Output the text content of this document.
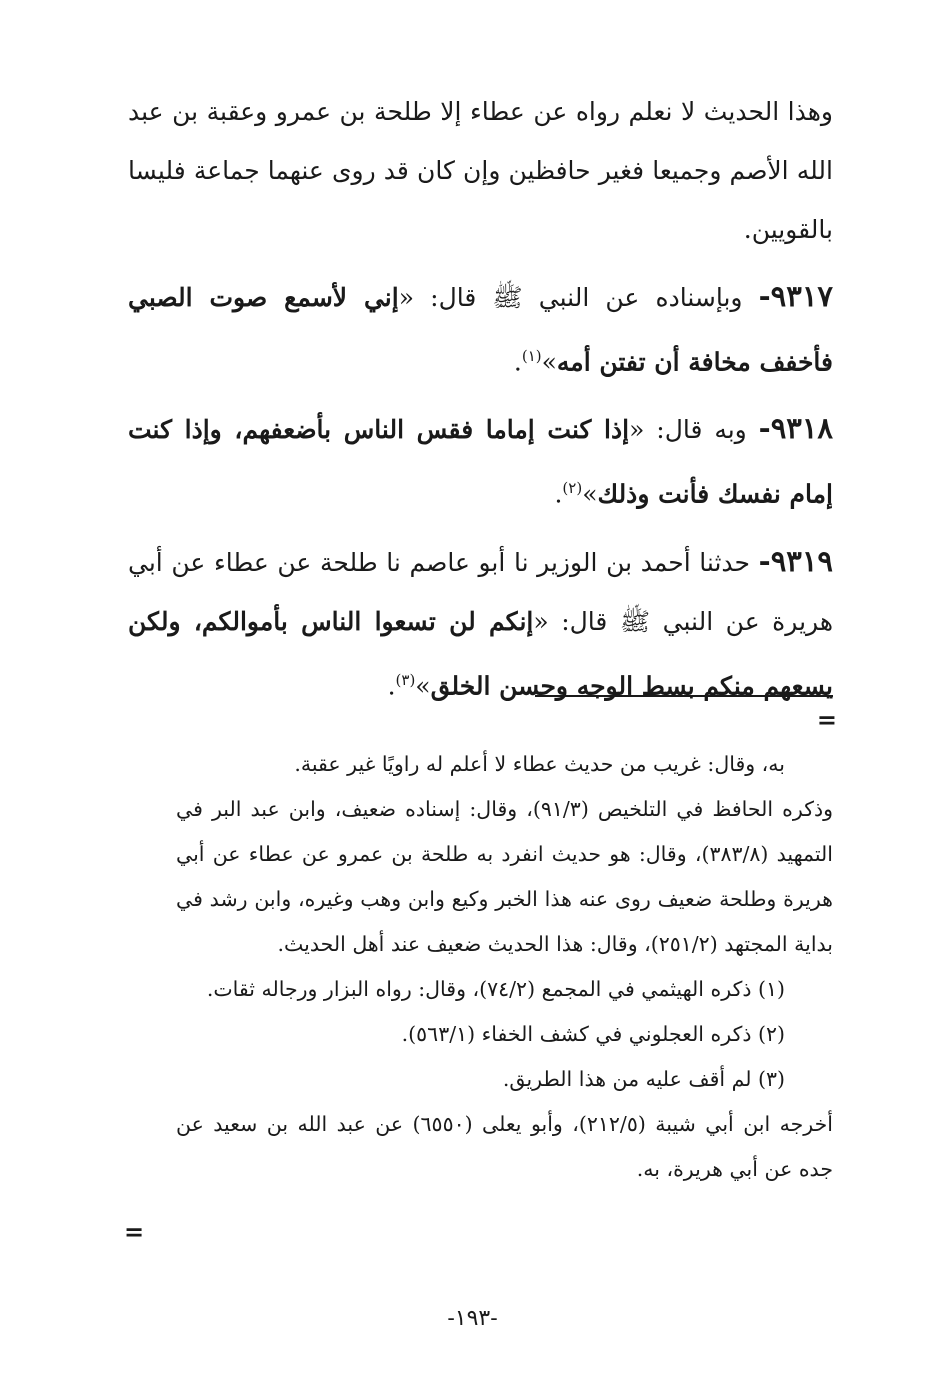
وهذا الحديث لا نعلم رواه عن عطاء إلا طلحة بن عمرو وعقبة بن عبد الله الأصم وجميعا فغير حافظين وإن كان قد روى عنهما جماعة فليسا بالقويين.

٩٣١٧- وبإسناده عن النبي ﷺ قال: «إني لأسمع صوت الصبي فأخفف مخافة أن تفتن أمه»$^{(١)}$.

٩٣١٨- وبه قال: «إذا كنت إماما فقس الناس بأضعفهم، وإذا كنت إمام نفسك فأنت وذلك»$^{(٢)}$.

٩٣١٩- حدثنا أحمد بن الوزير نا أبو عاصم نا طلحة عن عطاء عن أبي هريرة عن النبي ﷺ قال: «إنكم لن تسعوا الناس بأموالكم، ولكن يسعهم منكم بسط الوجه وحسن الخلق»$^{(٣)}$.

=

به، وقال: غريب من حديث عطاء لا أعلم له راويًا غير عقبة.

وذكره الحافظ في التلخيص (٩١/٣)، وقال: إسناده ضعيف، وابن عبد البر في التمهيد (٣٨٣/٨)، وقال: هو حديث انفرد به طلحة بن عمرو عن عطاء عن أبي هريرة وطلحة ضعيف روى عنه هذا الخبر وكيع وابن وهب وغيره، وابن رشد في بداية المجتهد (٢٥١/٢)، وقال: هذا الحديث ضعيف عند أهل الحديث.

(١) ذكره الهيثمي في المجمع (٧٤/٢)، وقال: رواه البزار ورجاله ثقات.

(٢) ذكره العجلوني في كشف الخفاء (٥٦٣/١).

(٣) لم أقف عليه من هذا الطريق.

أخرجه ابن أبي شيبة (٢١٢/٥)، وأبو يعلى (٦٥٥٠) عن عبد الله بن سعيد عن جده عن أبي هريرة، به.

=
-١٩٣-
